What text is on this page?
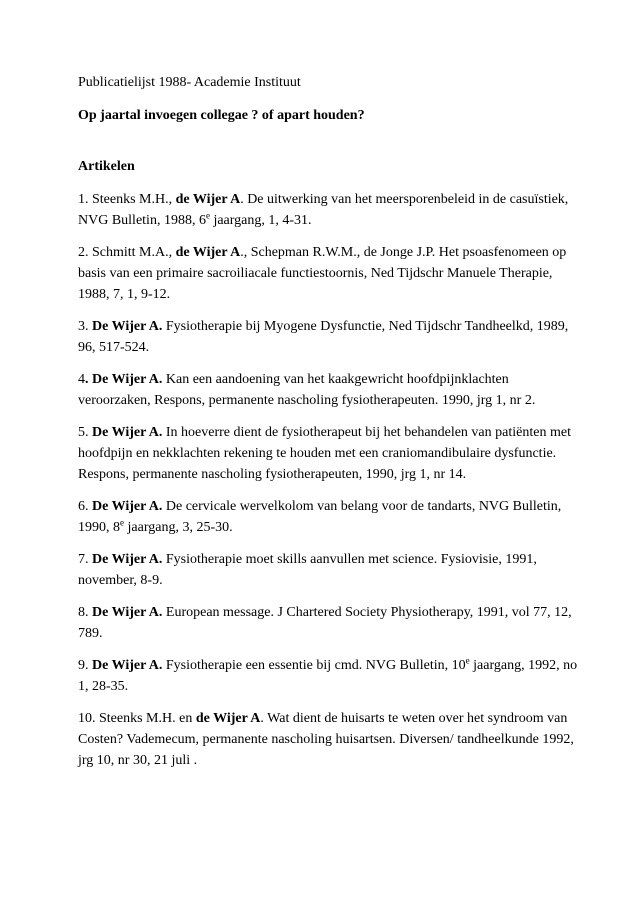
Publicatielijst 1988- Academie Instituut

Op jaartal invoegen collegae ? of apart houden?

Artikelen

1. Steenks M.H., de Wijer A. De uitwerking van het meersporenbeleid in de casuïstiek, NVG Bulletin, 1988, 6e jaargang, 1, 4-31.

2. Schmitt M.A., de Wijer A., Schepman R.W.M., de Jonge J.P. Het psoasfenomeen op basis van een primaire sacroiliacale functiestoornis, Ned Tijdschr Manuele Therapie, 1988, 7, 1, 9-12.

3. De Wijer A. Fysiotherapie bij Myogene Dysfunctie, Ned Tijdschr Tandheelkd, 1989, 96, 517-524.

4. De Wijer A. Kan een aandoening van het kaakgewricht hoofdpijnklachten veroorzaken, Respons, permanente nascholing fysiotherapeuten. 1990, jrg 1, nr 2.

5. De Wijer A. In hoeverre dient de fysiotherapeut bij het behandelen van patiënten met hoofdpijn en nekklachten rekening te houden met een craniomandibulaire dysfunctie. Respons, permanente nascholing fysiotherapeuten, 1990, jrg 1, nr 14.

6. De Wijer A. De cervicale wervelkolom van belang voor de tandarts, NVG Bulletin, 1990, 8e jaargang, 3, 25-30.

7. De Wijer A. Fysiotherapie moet skills aanvullen met science. Fysiovisie, 1991, november, 8-9.

8. De Wijer A. European message. J Chartered Society Physiotherapy, 1991, vol 77, 12, 789.

9. De Wijer A. Fysiotherapie een essentie bij cmd. NVG Bulletin, 10e jaargang, 1992, no 1, 28-35.

10. Steenks M.H. en de Wijer A. Wat dient de huisarts te weten over het syndroom van Costen? Vademecum, permanente nascholing huisartsen. Diversen/ tandheelkunde 1992, jrg 10, nr 30, 21 juli .
